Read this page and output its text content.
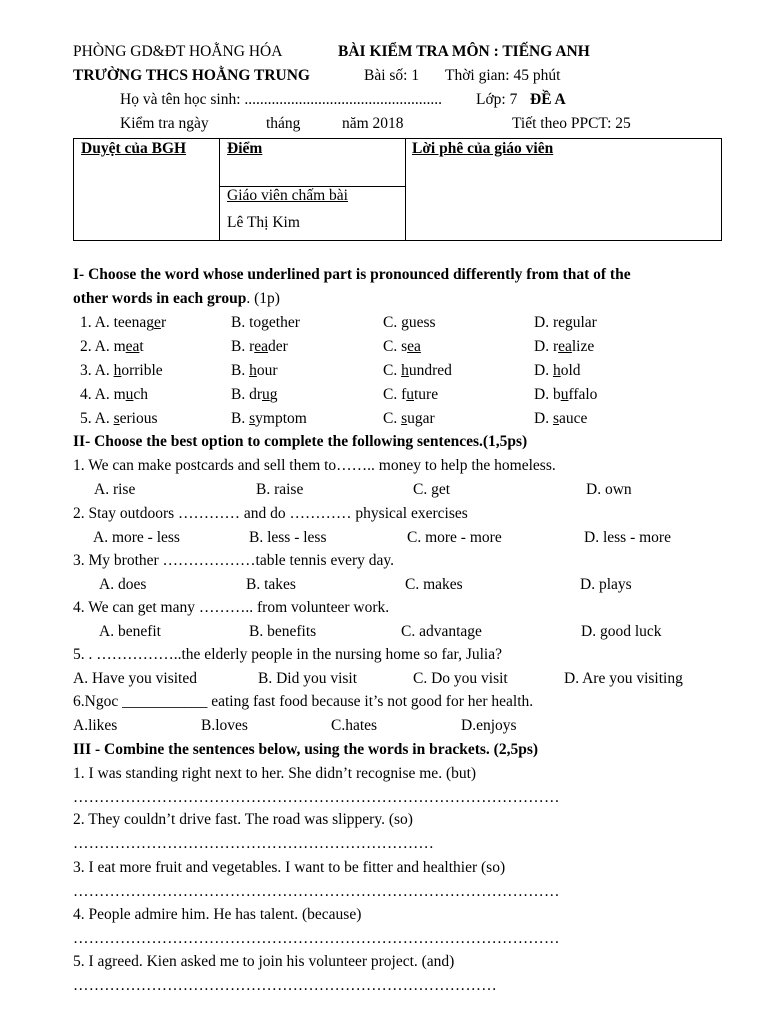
PHÒNG GD&ĐT HOẰNG HÓA	BÀI KIỂM TRA MÔN : TIẾNG ANH
TRƯỜNG THCS HOẰNG TRUNG	Bài số: 1 Thời gian: 45 phút
Họ và tên học sinh: ................................................... Lớp: 7 ĐỀ A
Kiểm tra ngày	tháng	năm 2018	Tiết theo PPCT: 25
Duyệt của BGH	Điểm	Lời phê của giáo viên
Giáo viên chấm bài
Lê Thị Kim
I- Choose the word whose underlined part is pronounced differently from that of the
other words in each group. (1p)
1. A. teenager	B. together	C. guess	D. regular
2. A. meat	B. reader	C. sea	D. realize
3. A. horrible	B. hour	C. hundred	D. hold
4. A. much	B. drug	C. future	D. buffalo
5. A. serious	B. symptom	C. sugar	D. sauce
II- Choose the best option to complete the following sentences.(1,5ps)
1. We can make postcards and sell them to…….. money to help the homeless.
A. rise	B. raise	C. get	D. own
2. Stay outdoors ………… and do ………… physical exercises
A. more - less	B. less - less	C. more - more	D. less - more
3. My brother ………………table tennis every day.
A. does	B. takes	C. makes	D. plays
4. We can get many ……….. from volunteer work.
A. benefit	B. benefits	C. advantage	D. good luck
5. . ……………..the elderly people in the nursing home so far, Julia?
A. Have you visited	B. Did you visit	C. Do you visit	D. Are you visiting
6.Ngoc ___________ eating fast food because it’s not good for her health.
A.likes	B.loves	C.hates	D.enjoys
III - Combine the sentences below, using the words in brackets. (2,5ps)
1. I was standing right next to her. She didn’t recognise me. (but)
…………………………………………………………………………………
2. They couldn’t drive fast. The road was slippery. (so)
……………………………………………………………
3. I eat more fruit and vegetables. I want to be fitter and healthier (so)
…………………………………………………………………………………
4. People admire him. He has talent. (because)
…………………………………………………………………………………
5. I agreed. Kien asked me to join his volunteer project. (and)
………………………………………………………………………
